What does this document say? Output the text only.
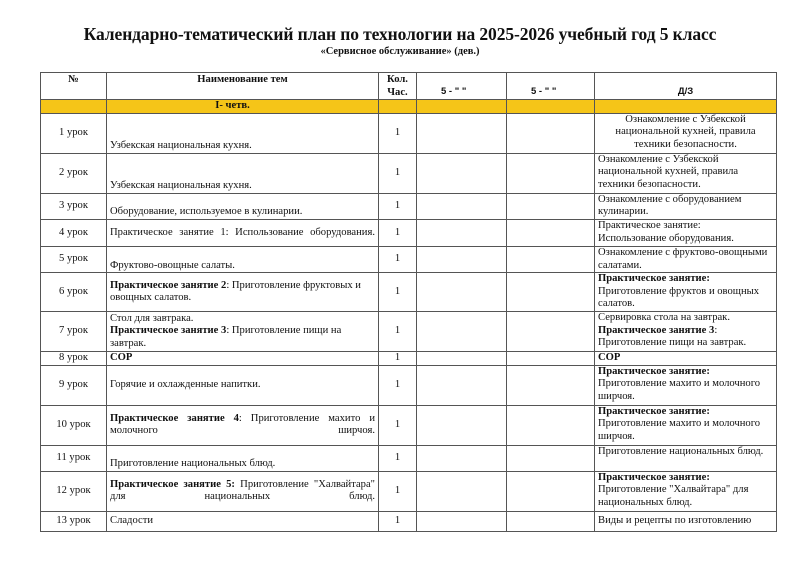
Календарно-тематический план по технологии на 2025-2026 учебный год 5 класс
«Сервисное обслуживание» (дев.)
№	Наименование тем	Кол. Час.	5 - " "	5 - " "	Д/З
	I- четв.				
1 урок	Узбекская национальная кухня.	1			Ознакомление с Узбекской национальной кухней, правила техники безопасности.
2 урок	Узбекская национальная кухня.	1			Ознакомление с Узбекской национальной кухней, правила техники безопасности.
3 урок	Оборудование, используемое в кулинарии.	1			Ознакомление с оборудованием кулинарии.
4 урок	Практическое занятие 1: Использование оборудования.	1			Практическое занятие:
Использование оборудования.
5 урок	Фруктово-овощные салаты.	1			Ознакомление с фруктово-овощными салатами.
6 урок	Практическое занятие 2: Приготовление фруктовых и овощных салатов.	1			Практическое занятие:
Приготовление фруктов и овощных салатов.
7 урок	Стол для завтрака.
Практическое занятие 3: Приготовление пищи на завтрак.	1			Сервировка стола на завтрак.
Практическое занятие 3: Приготовление пищи на завтрак.
8 урок	СОР	1			СОР
9 урок	Горячие и охлажденные напитки.	1			Практическое занятие:
Приготовление махито и молочного ширчоя.
10 урок	Практическое занятие 4: Приготовление махито и молочного ширчоя.	1			Практическое занятие:
Приготовление махито и молочного ширчоя.
11 урок	Приготовление национальных блюд.	1			Приготовление национальных блюд.
12 урок	Практическое занятие 5: Приготовление "Халвайтара" для национальных блюд.	1			Практическое занятие:
Приготовление "Халвайтара" для национальных блюд.
13 урок	Сладости	1			Виды и рецепты по изготовлению
